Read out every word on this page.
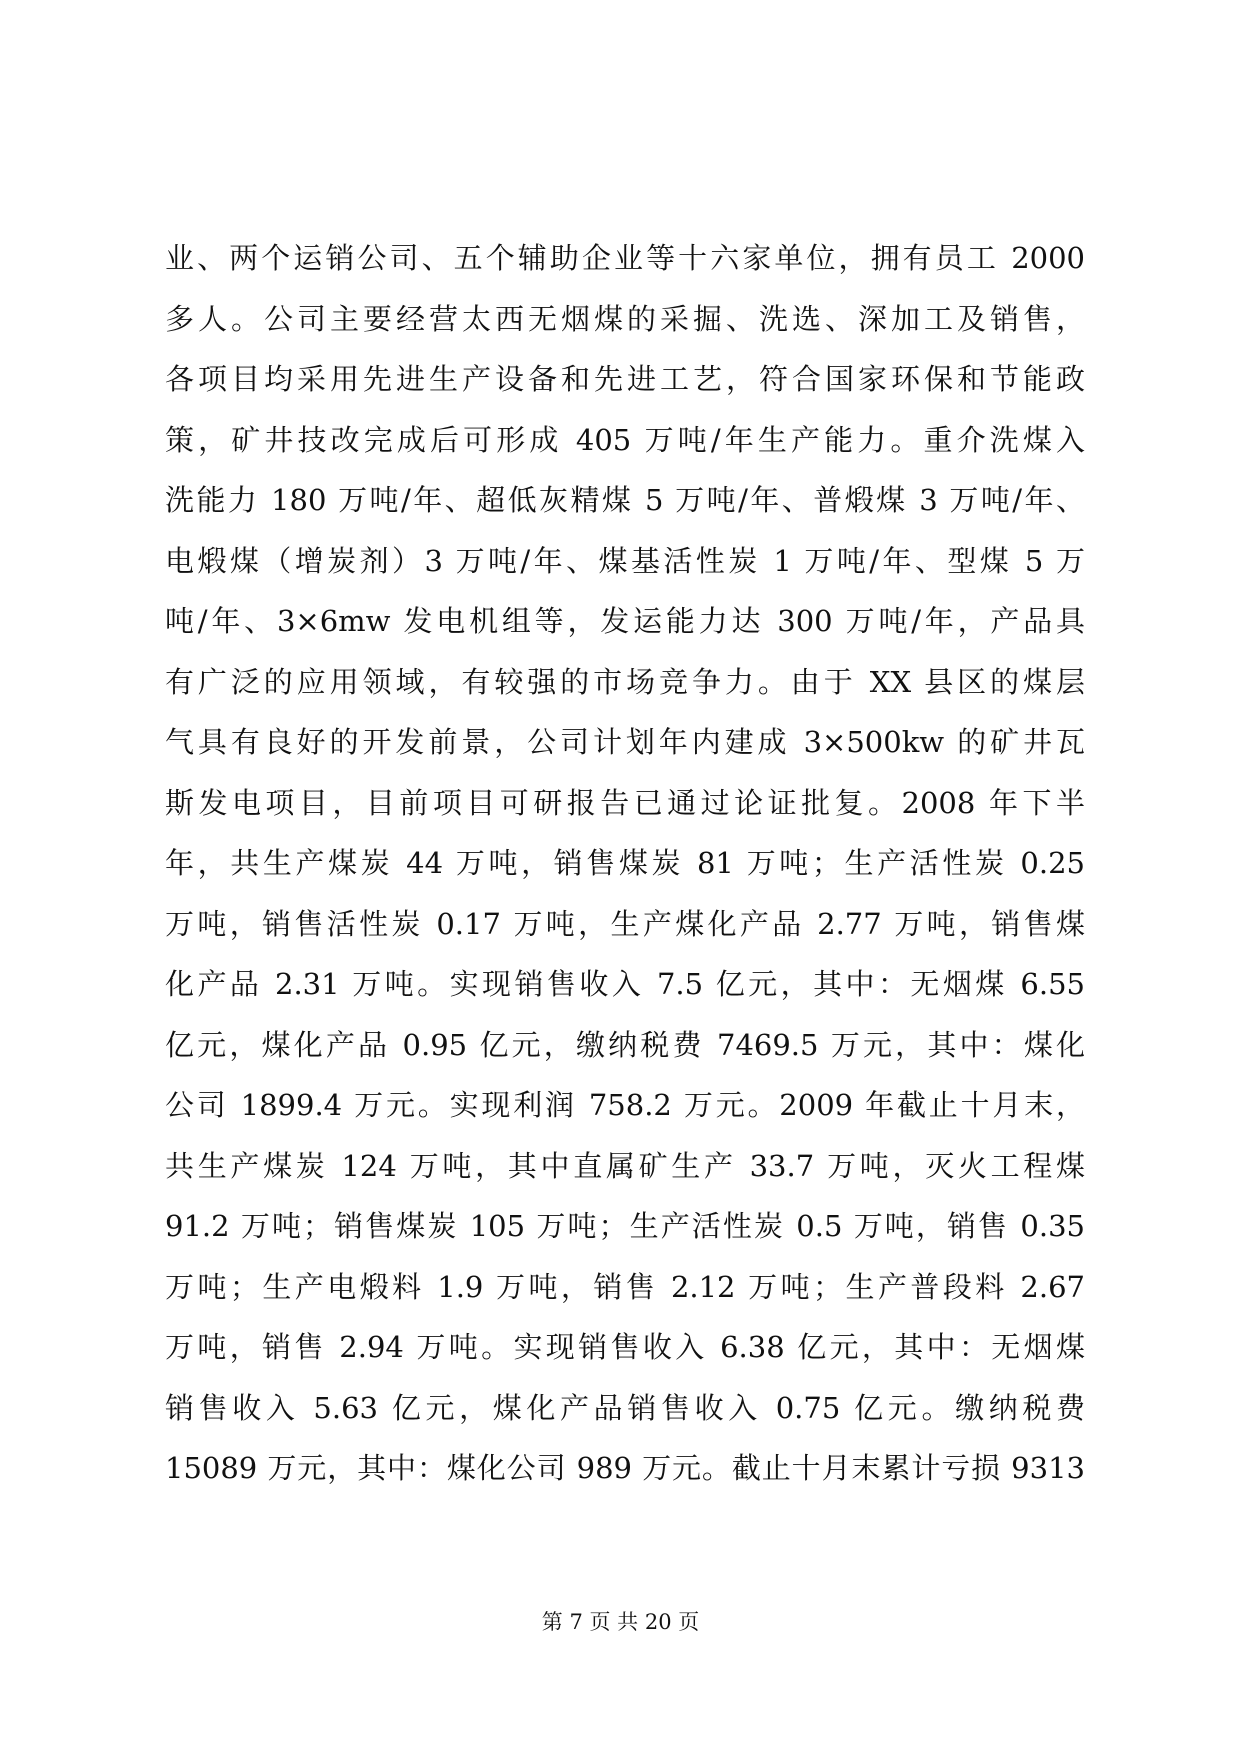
业、两个运销公司、五个辅助企业等十六家单位，拥有员工 2000
多人。公司主要经营太西无烟煤的采掘、洗选、深加工及销售，
各项目均采用先进生产设备和先进工艺，符合国家环保和节能政
策，矿井技改完成后可形成 405 万吨/年生产能力。重介洗煤入
洗能力 180 万吨/年、超低灰精煤 5 万吨/年、普煅煤 3 万吨/年、
电煅煤（增炭剂）3 万吨/年、煤基活性炭 1 万吨/年、型煤 5 万
吨/年、3×6mw 发电机组等，发运能力达 300 万吨/年，产品具
有广泛的应用领域，有较强的市场竞争力。由于 XX 县区的煤层
气具有良好的开发前景，公司计划年内建成 3×500kw 的矿井瓦
斯发电项目，目前项目可研报告已通过论证批复。2008 年下半
年，共生产煤炭 44 万吨，销售煤炭 81 万吨；生产活性炭 0.25
万吨，销售活性炭 0.17 万吨，生产煤化产品 2.77 万吨，销售煤
化产品 2.31 万吨。实现销售收入 7.5 亿元，其中：无烟煤 6.55
亿元，煤化产品 0.95 亿元，缴纳税费 7469.5 万元，其中：煤化
公司 1899.4 万元。实现利润 758.2 万元。2009 年截止十月末，
共生产煤炭 124 万吨，其中直属矿生产 33.7 万吨，灭火工程煤
91.2 万吨；销售煤炭 105 万吨；生产活性炭 0.5 万吨，销售 0.35
万吨；生产电煅料 1.9 万吨，销售 2.12 万吨；生产普段料 2.67
万吨，销售 2.94 万吨。实现销售收入 6.38 亿元，其中：无烟煤
销售收入 5.63 亿元，煤化产品销售收入 0.75 亿元。缴纳税费
15089 万元，其中：煤化公司 989 万元。截止十月末累计亏损 9313
第 7 页 共 20 页
